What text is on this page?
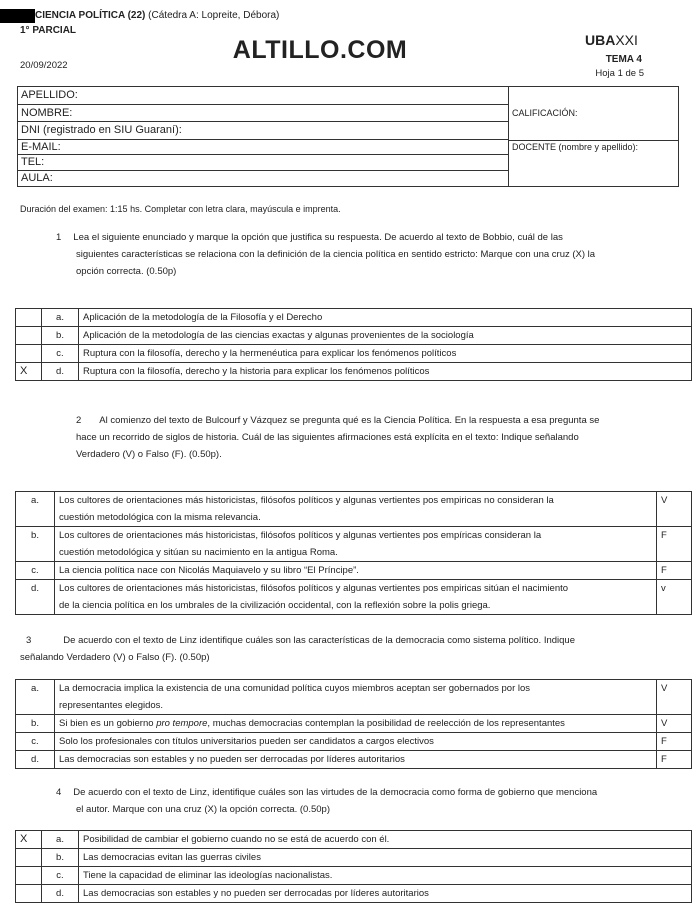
CIENCIA POLÍTICA (22) (Cátedra A: Lopreite, Débora)
1° PARCIAL
20/09/2022
ALTILLO.COM	UBAXXI
TEMA 4
Hoja 1 de 5
APELLIDO:
NOMBRE:
DNI (registrado en SIU Guaraní):
E-MAIL:
TEL:
AULA:
CALIFICACIÓN:
DOCENTE (nombre y apellido):
Duración del examen: 1:15 hs. Completar con letra clara, mayúscula e imprenta.
1 Lea el siguiente enunciado y marque la opción que justifica su respuesta. De acuerdo al texto de Bobbio, cuál de las
siguientes características se relaciona con la definición de la ciencia política en sentido estricto: Marque con una cruz (X) la
opción correcta. (0.50p)
	a.	Aplicación de la metodología de la Filosofía y el Derecho
	b.	Aplicación de la metodología de las ciencias exactas y algunas provenientes de la sociología
	c.	Ruptura con la filosofía, derecho y la hermenéutica para explicar los fenómenos políticos
X	d.	Ruptura con la filosofía, derecho y la historia para explicar los fenómenos políticos
2 Al comienzo del texto de Bulcourf y Vázquez se pregunta qué es la Ciencia Política. En la respuesta a esa pregunta se
hace un recorrido de siglos de historia. Cuál de las siguientes afirmaciones está explícita en el texto: Indique señalando
Verdadero (V) o Falso (F). (0.50p).
a.	Los cultores de orientaciones más historicistas, filósofos políticos y algunas vertientes pos empiricas no consideran la
cuestión metodológica con la misma relevancia.	V
b.	Los cultores de orientaciones más historicistas, filósofos políticos y algunas vertientes pos empíricas consideran la
cuestión metodológica y sitúan su nacimiento en la antigua Roma.	F
c.	La ciencia política nace con Nicolás Maquiavelo y su libro “El Príncipe”.	F
d.	Los cultores de orientaciones más historicistas, filósofos políticos y algunas vertientes pos empiricas sitúan el nacimiento
de la ciencia política en los umbrales de la civilización occidental, con la reflexión sobre la polis griega.	v
3	De acuerdo con el texto de Linz identifique cuáles son las características de la democracia como sistema político. Indique
señalando Verdadero (V) o Falso (F). (0.50p)
a.	La democracia implica la existencia de una comunidad política cuyos miembros aceptan ser gobernados por los
representantes elegidos.	V
b.	Si bien es un gobierno pro tempore, muchas democracias contemplan la posibilidad de reelección de los representantes	V
c.	Solo los profesionales con títulos universitarios pueden ser candidatos a cargos electivos	F
d.	Las democracias son estables y no pueden ser derrocadas por líderes autoritarios	F
4 De acuerdo con el texto de Linz, identifique cuáles son las virtudes de la democracia como forma de gobierno que menciona
el autor. Marque con una cruz (X) la opción correcta. (0.50p)
X	a.	Posibilidad de cambiar el gobierno cuando no se está de acuerdo con él.
	b.	Las democracias evitan las guerras civiles
	c.	Tiene la capacidad de eliminar las ideologías nacionalistas.
	d.	Las democracias son estables y no pueden ser derrocadas por líderes autoritarios
